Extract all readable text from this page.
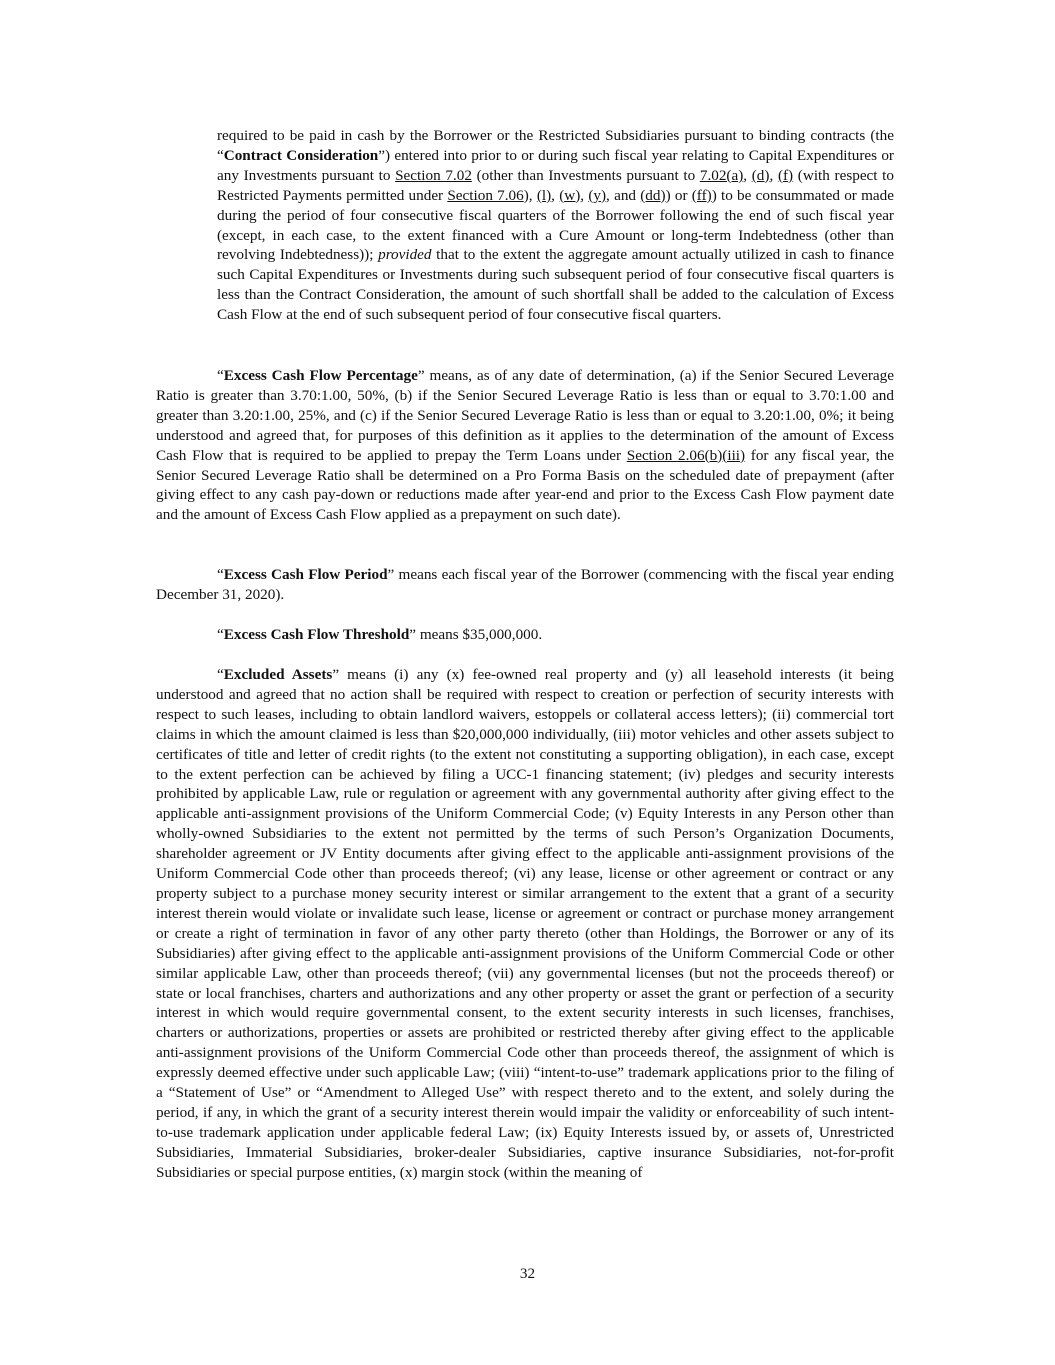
required to be paid in cash by the Borrower or the Restricted Subsidiaries pursuant to binding contracts (the “Contract Consideration”) entered into prior to or during such fiscal year relating to Capital Expenditures or any Investments pursuant to Section 7.02 (other than Investments pursuant to 7.02(a), (d), (f) (with respect to Restricted Payments permitted under Section 7.06), (l), (w), (y), and (dd)) or (ff)) to be consummated or made during the period of four consecutive fiscal quarters of the Borrower following the end of such fiscal year (except, in each case, to the extent financed with a Cure Amount or long-term Indebtedness (other than revolving Indebtedness)); provided that to the extent the aggregate amount actually utilized in cash to finance such Capital Expenditures or Investments during such subsequent period of four consecutive fiscal quarters is less than the Contract Consideration, the amount of such shortfall shall be added to the calculation of Excess Cash Flow at the end of such subsequent period of four consecutive fiscal quarters.

“Excess Cash Flow Percentage” means, as of any date of determination, (a) if the Senior Secured Leverage Ratio is greater than 3.70:1.00, 50%, (b) if the Senior Secured Leverage Ratio is less than or equal to 3.70:1.00 and greater than 3.20:1.00, 25%, and (c) if the Senior Secured Leverage Ratio is less than or equal to 3.20:1.00, 0%; it being understood and agreed that, for purposes of this definition as it applies to the determination of the amount of Excess Cash Flow that is required to be applied to prepay the Term Loans under Section 2.06(b)(iii) for any fiscal year, the Senior Secured Leverage Ratio shall be determined on a Pro Forma Basis on the scheduled date of prepayment (after giving effect to any cash pay-down or reductions made after year-end and prior to the Excess Cash Flow payment date and the amount of Excess Cash Flow applied as a prepayment on such date).

“Excess Cash Flow Period” means each fiscal year of the Borrower (commencing with the fiscal year ending December 31, 2020).

“Excess Cash Flow Threshold” means $35,000,000.

“Excluded Assets” means (i) any (x) fee-owned real property and (y) all leasehold interests (it being understood and agreed that no action shall be required with respect to creation or perfection of security interests with respect to such leases, including to obtain landlord waivers, estoppels or collateral access letters); (ii) commercial tort claims in which the amount claimed is less than $20,000,000 individually, (iii) motor vehicles and other assets subject to certificates of title and letter of credit rights (to the extent not constituting a supporting obligation), in each case, except to the extent perfection can be achieved by filing a UCC-1 financing statement; (iv) pledges and security interests prohibited by applicable Law, rule or regulation or agreement with any governmental authority after giving effect to the applicable anti-assignment provisions of the Uniform Commercial Code; (v) Equity Interests in any Person other than wholly-owned Subsidiaries to the extent not permitted by the terms of such Person’s Organization Documents, shareholder agreement or JV Entity documents after giving effect to the applicable anti-assignment provisions of the Uniform Commercial Code other than proceeds thereof; (vi) any lease, license or other agreement or contract or any property subject to a purchase money security interest or similar arrangement to the extent that a grant of a security interest therein would violate or invalidate such lease, license or agreement or contract or purchase money arrangement or create a right of termination in favor of any other party thereto (other than Holdings, the Borrower or any of its Subsidiaries) after giving effect to the applicable anti-assignment provisions of the Uniform Commercial Code or other similar applicable Law, other than proceeds thereof; (vii) any governmental licenses (but not the proceeds thereof) or state or local franchises, charters and authorizations and any other property or asset the grant or perfection of a security interest in which would require governmental consent, to the extent security interests in such licenses, franchises, charters or authorizations, properties or assets are prohibited or restricted thereby after giving effect to the applicable anti-assignment provisions of the Uniform Commercial Code other than proceeds thereof, the assignment of which is expressly deemed effective under such applicable Law; (viii) “intent-to-use” trademark applications prior to the filing of a “Statement of Use” or “Amendment to Alleged Use” with respect thereto and to the extent, and solely during the period, if any, in which the grant of a security interest therein would impair the validity or enforceability of such intent-to-use trademark application under applicable federal Law; (ix) Equity Interests issued by, or assets of, Unrestricted Subsidiaries, Immaterial Subsidiaries, broker-dealer Subsidiaries, captive insurance Subsidiaries, not-for-profit Subsidiaries or special purpose entities, (x) margin stock (within the meaning of

32
